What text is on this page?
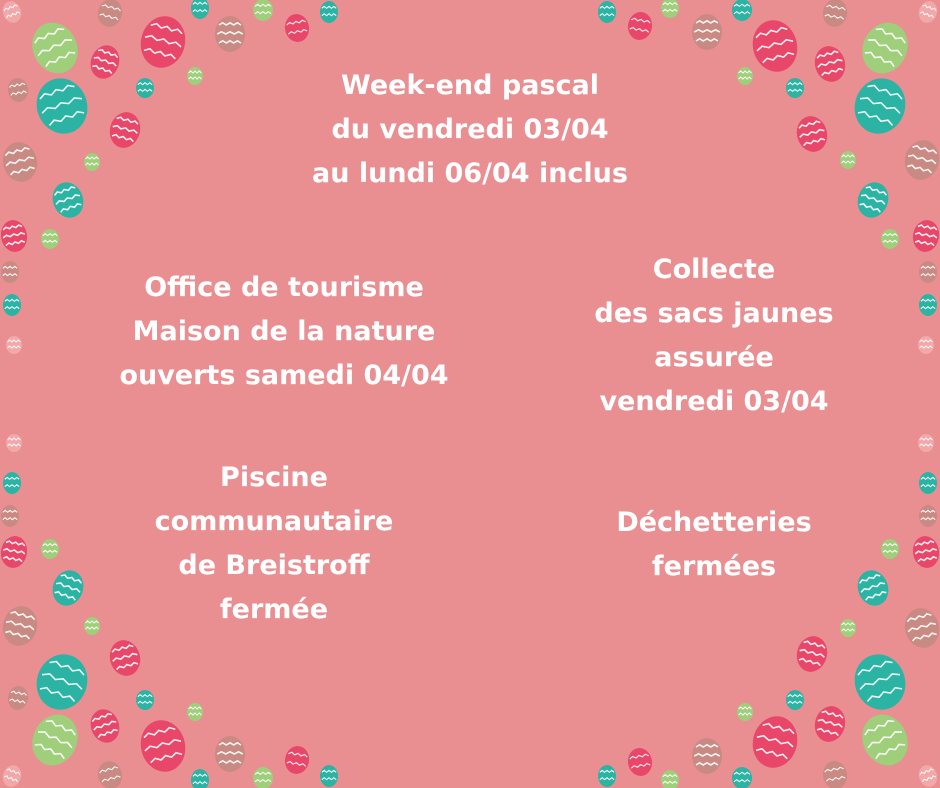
Week-end pascal
du vendredi 03/04
au lundi 06/04 inclus
Office de tourisme
Maison de la nature
ouverts samedi 04/04
Collecte
des sacs jaunes
assurée
vendredi 03/04
Piscine
communautaire
de Breistroff
fermée
Déchetteries
fermées
